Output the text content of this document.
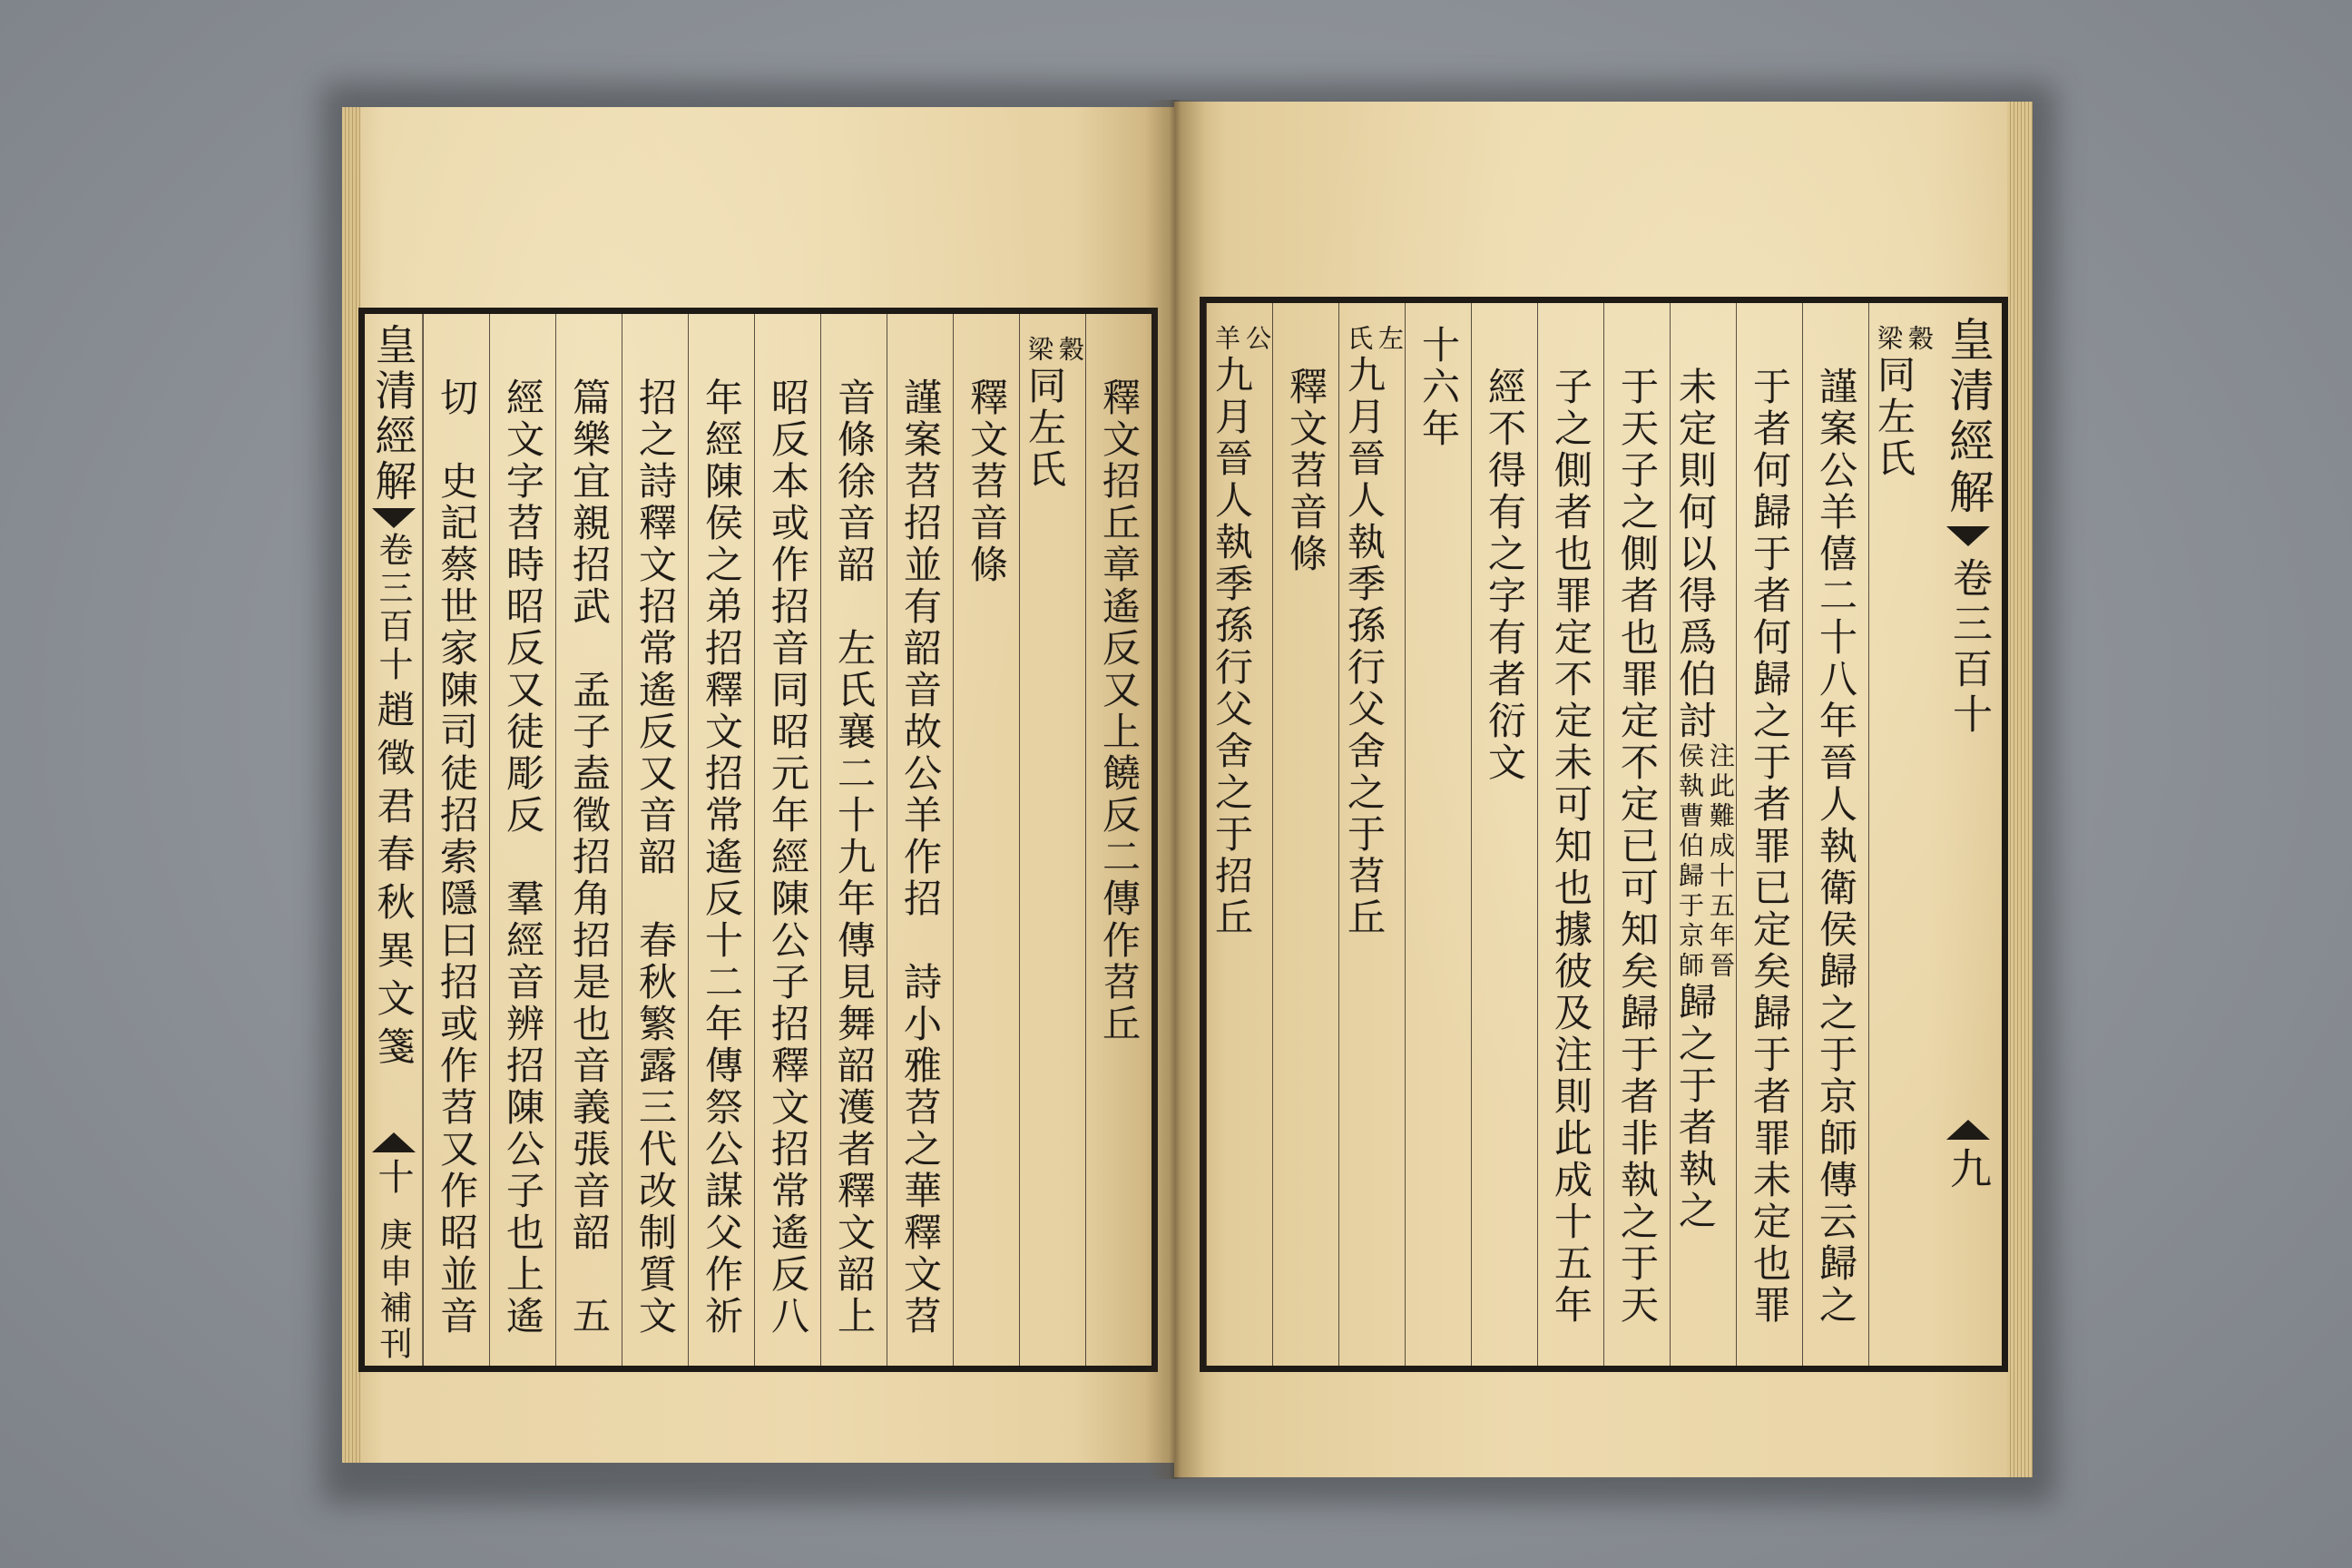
皇清經解
卷三百十
趙徵君春秋異文箋
十
庚申補刊
釋文招丘章遙反又上饒反二傳作苕丘
穀
梁
同左氏
釋文苕音條
謹案苕招並有韶音故公羊作招　詩小雅苕之華釋文苕
音條徐音韶　左氏襄二十九年傳見舞韶濩者釋文韶上
昭反本或作招音同昭元年經陳公子招釋文招常遙反八
年經陳侯之弟招釋文招常遙反十二年傳祭公謀父作祈
招之詩釋文招常遙反又音韶　春秋繁露三代改制質文
篇樂宜親招武　孟子盍徵招角招是也音義張音韶　五
經文字苕時昭反又徒彫反　羣經音辨招陳公子也上遙
切　史記蔡世家陳司徒招索隱曰招或作苕又作昭並音
穀
梁
同左氏
謹案公羊僖二十八年晉人執衛侯歸之于京師傳云歸之
于者何歸于者何歸之于者罪已定矣歸于者罪未定也罪
未定則何以得爲伯討
注此難成十五年晉
侯執曹伯歸于京師
歸之于者執之
于天子之側者也罪定不定已可知矣歸于者非執之于天
子之側者也罪定不定未可知也據彼及注則此成十五年
經不得有之字有者衍文
十六年
左
氏
九月晉人執季孫行父舍之于苕丘
釋文苕音條
公
羊
九月晉人執季孫行父舍之于招丘	皇清經解
卷三百十
九
